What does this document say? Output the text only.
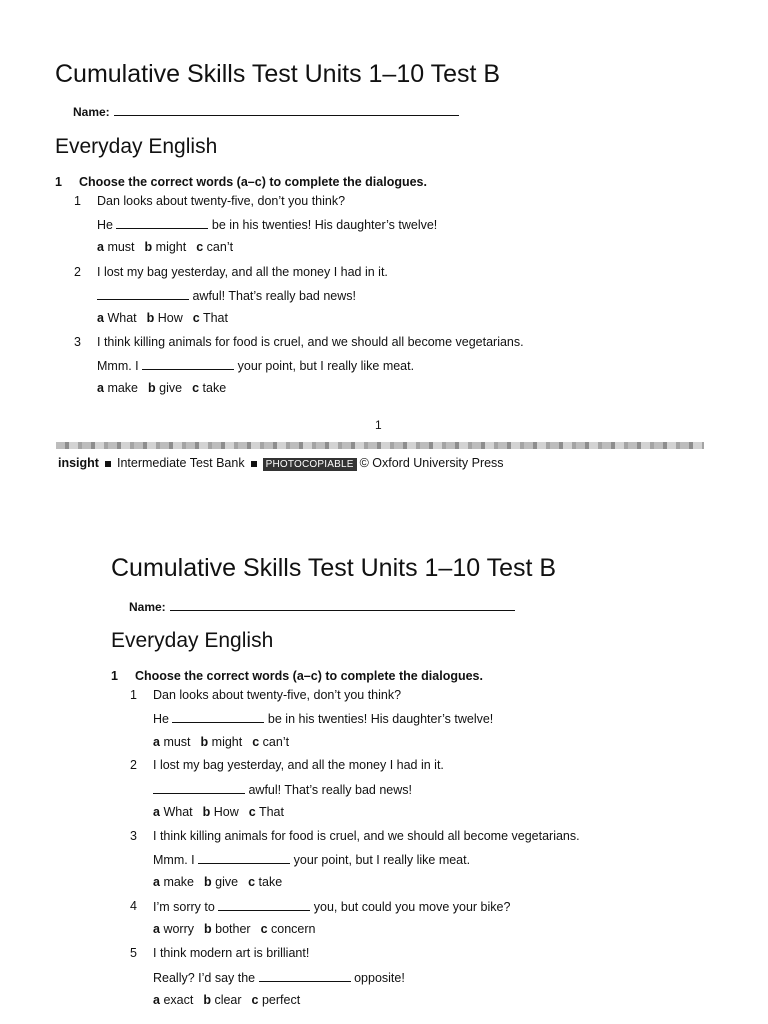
Cumulative Skills Test Units 1–10 Test B
Name:
Everyday English
1 Choose the correct words (a–c) to complete the dialogues.
1 Dan looks about twenty-five, don’t you think?
He	be in his twenties! His daughter’s twelve!
a must b might c can’t
2 I lost my bag yesterday, and all the money I had in it.
awful! That’s really bad news!
a What b How c That
3 I think killing animals for food is cruel, and we should all become vegetarians.
Mmm. I	your point, but I really like meat.
a make b give c take
1
insight Intermediate Test Bank PHOTOCOPIABLE © Oxford University Press
Cumulative Skills Test Units 1–10 Test B
Name:
Everyday English
1 Choose the correct words (a–c) to complete the dialogues.
1 Dan looks about twenty-five, don’t you think?
He	be in his twenties! His daughter’s twelve!
a must b might c can’t
2 I lost my bag yesterday, and all the money I had in it.
awful! That’s really bad news!
a What b How c That
3 I think killing animals for food is cruel, and we should all become vegetarians.
Mmm. I	your point, but I really like meat.
a make b give c take
4 I’m sorry to	you, but could you move your bike?
a worry b bother c concern
5 I think modern art is brilliant!
Really? I’d say the	opposite!
a exact b clear c perfect
